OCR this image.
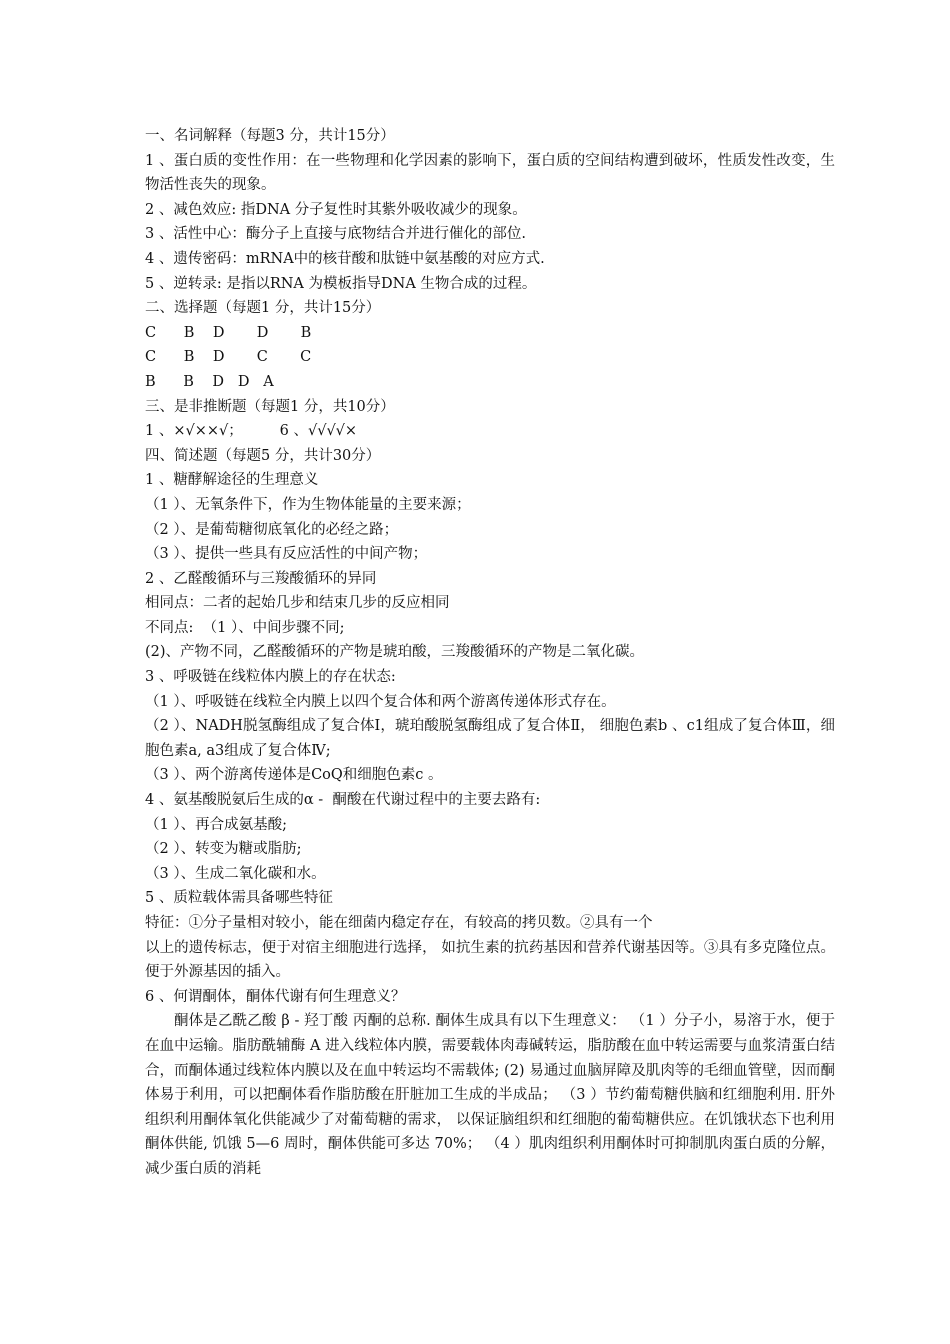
一、名词解释（每题3 分，共计15分）

1 、蛋白质的变性作用：在一些物理和化学因素的影响下，蛋白质的空间结构遭到破坏，性质发性改变，生物活性丧失的现象。

2 、减色效应: 指DNA 分子复性时其紫外吸收减少的现象。

3 、活性中心：酶分子上直接与底物结合并进行催化的部位.

4 、遗传密码：mRNA中的核苷酸和肽链中氨基酸的对应方式.

5 、逆转录: 是指以RNA 为模板指导DNA 生物合成的过程。

二、选择题（每题1 分，共计15分）

C      B    D       D       B

C      B    D       C       C

B      B    D   D   A

三、是非推断题（每题1 分，共10分）

1 、×√××√；        6 、√√√√×

四、简述题（每题5 分，共计30分）

1 、糖酵解途径的生理意义

（1 ）、无氧条件下，作为生物体能量的主要来源；

（2 ）、是葡萄糖彻底氧化的必经之路；

（3 ）、提供一些具有反应活性的中间产物；

2 、乙醛酸循环与三羧酸循环的异同

相同点：二者的起始几步和结束几步的反应相同

不同点:  （1 ）、中间步骤不同;

(2)、产物不同，乙醛酸循环的产物是琥珀酸，三羧酸循环的产物是二氧化碳。

3 、呼吸链在线粒体内膜上的存在状态:

（1 ）、呼吸链在线粒全内膜上以四个复合体和两个游离传递体形式存在。

（2 ）、NADH脱氢酶组成了复合体Ⅰ，琥珀酸脱氢酶组成了复合体Ⅱ， 细胞色素b 、c1组成了复合体Ⅲ，细胞色素a, a3组成了复合体Ⅳ;

（3 ）、两个游离传递体是CoQ和细胞色素c 。

4 、氨基酸脱氨后生成的α -  酮酸在代谢过程中的主要去路有:

（1 ）、再合成氨基酸;

（2 ）、转变为糖或脂肪;

（3 ）、生成二氧化碳和水。

5 、质粒载体需具备哪些特征

特征：①分子量相对较小，能在细菌内稳定存在，有较高的拷贝数。②具有一个

以上的遗传标志，便于对宿主细胞进行选择， 如抗生素的抗药基因和营养代谢基因等。③具有多克隆位点。便于外源基因的插入。

6 、何谓酮体，酮体代谢有何生理意义？

酮体是乙酰乙酸 β - 羟丁酸 丙酮的总称. 酮体生成具有以下生理意义： （1 ）分子小，易溶于水，便于在血中运输。脂肪酰辅酶 A 进入线粒体内膜，需要载体肉毒碱转运，脂肪酸在血中转运需要与血浆清蛋白结合，而酮体通过线粒体内膜以及在血中转运均不需载体; (2) 易通过血脑屏障及肌肉等的毛细血管壁，因而酮体易于利用，可以把酮体看作脂肪酸在肝脏加工生成的半成品； （3 ）节约葡萄糖供脑和红细胞利用. 肝外组织利用酮体氧化供能减少了对葡萄糖的需求， 以保证脑组织和红细胞的葡萄糖供应。在饥饿状态下也利用酮体供能, 饥饿 5—6 周时，酮体供能可多达 70%； （4 ）肌肉组织利用酮体时可抑制肌肉蛋白质的分解，减少蛋白质的消耗
